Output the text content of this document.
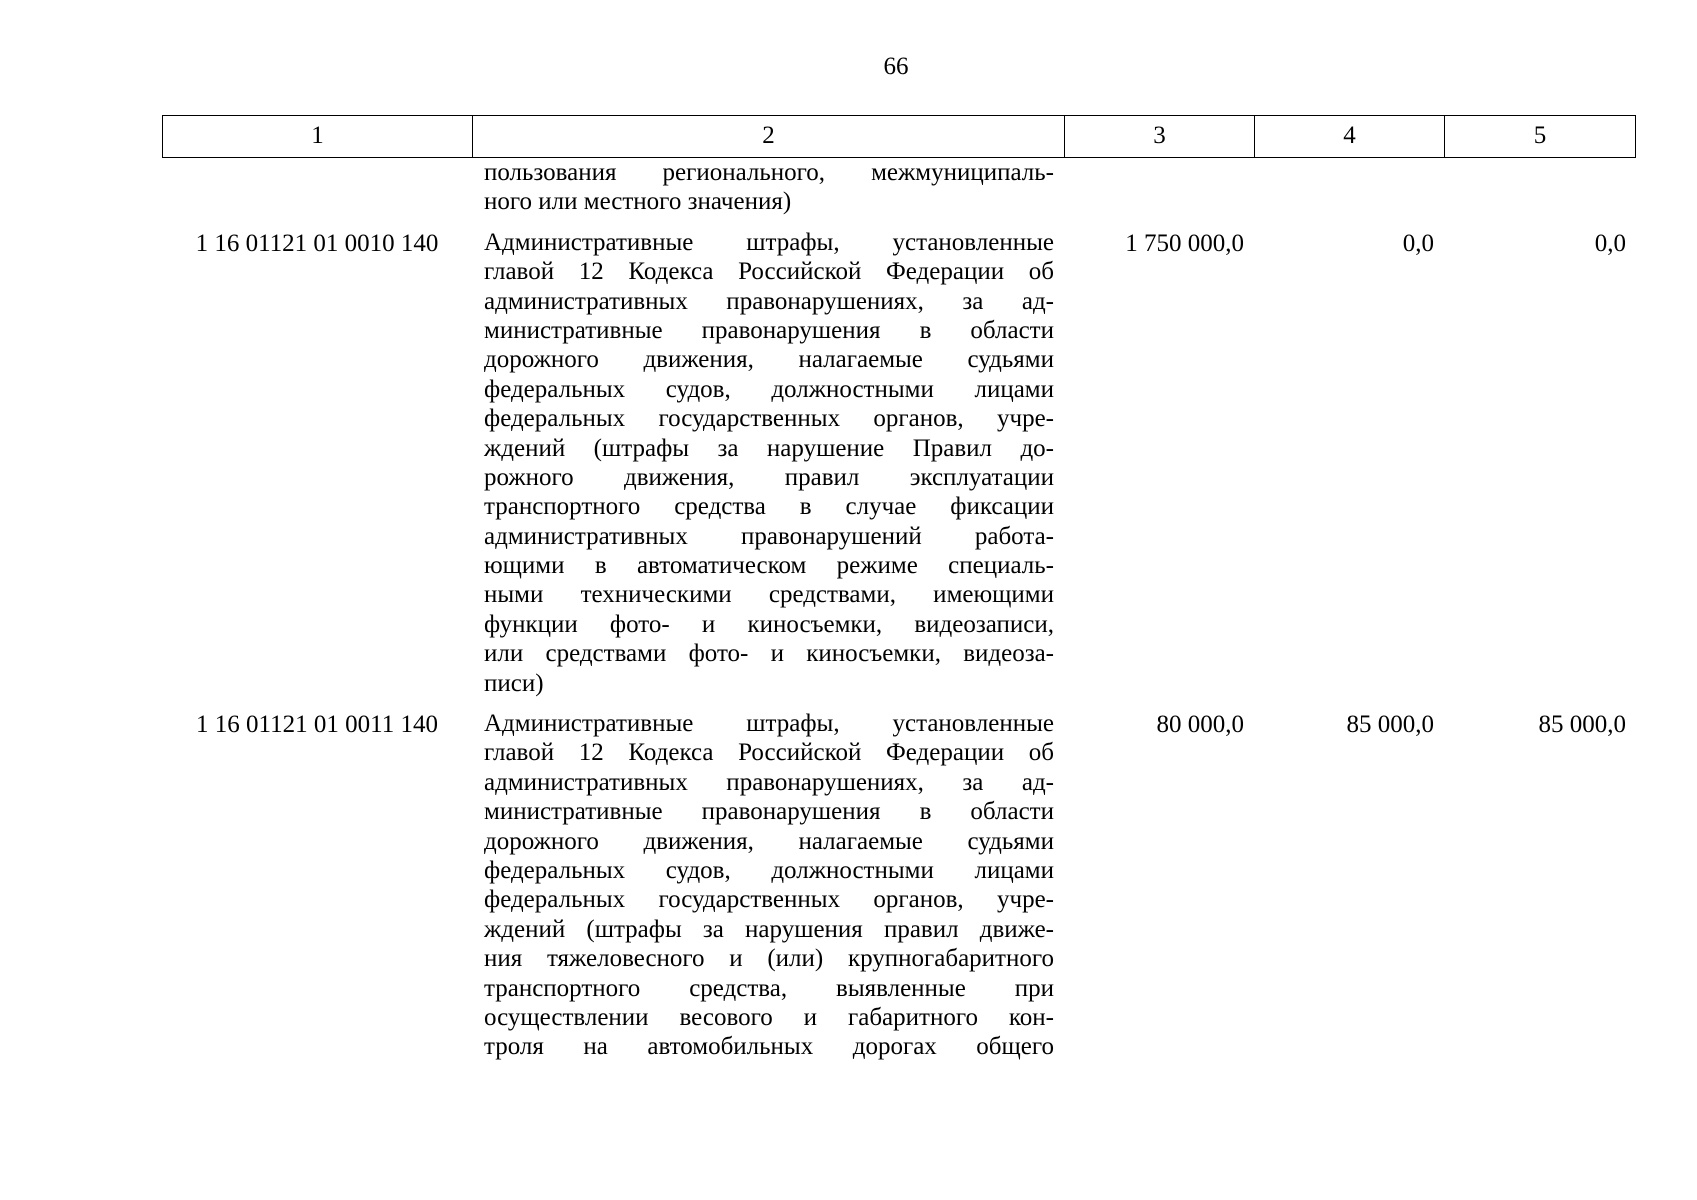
66
1	2	3	4	5
пользования регионального, межмуниципаль-
ного или местного значения)
1 16 01121 01 0010 140	Административные штрафы, установленные
главой 12 Кодекса Российской Федерации об
административных правонарушениях, за ад-
министративные правонарушения в области
дорожного движения, налагаемые судьями
федеральных судов, должностными лицами
федеральных государственных органов, учре-
ждений (штрафы за нарушение Правил до-
рожного движения, правил эксплуатации
транспортного средства в случае фиксации
административных правонарушений работа-
ющими в автоматическом режиме специаль-
ными техническими средствами, имеющими
функции фото- и киносъемки, видеозаписи,
или средствами фото- и киносъемки, видеоза-
писи)
1 750 000,0	0,0	0,0
1 16 01121 01 0011 140	Административные штрафы, установленные
главой 12 Кодекса Российской Федерации об
административных правонарушениях, за ад-
министративные правонарушения в области
дорожного движения, налагаемые судьями
федеральных судов, должностными лицами
федеральных государственных органов, учре-
ждений (штрафы за нарушения правил движе-
ния тяжеловесного и (или) крупногабаритного
транспортного средства, выявленные при
осуществлении весового и габаритного кон-
троля на автомобильных дорогах общего
80 000,0	85 000,0	85 000,0
